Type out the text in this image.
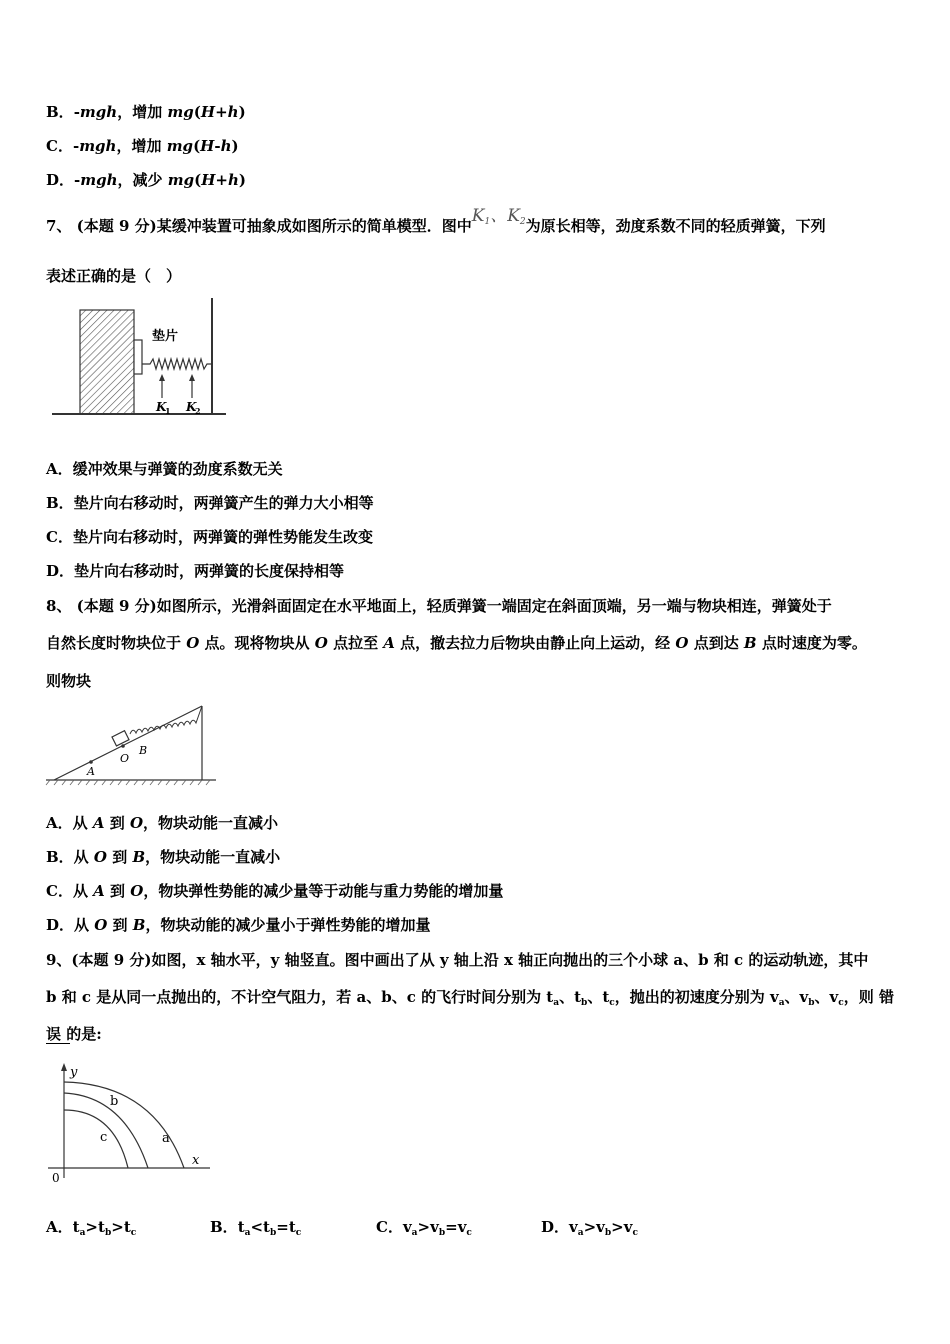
B．-mgh，增加 mg(H+h)
C．-mgh，增加 mg(H-h)
D．-mgh，减少 mg(H+h)
7、 (本题 9 分)某缓冲装置可抽象成如图所示的简单模型．图中$K_1$、$K_2$为原长相等，劲度系数不同的轻质弹簧，下列
表述正确的是（　）
垫片
K
1 K
2
A．缓冲效果与弹簧的劲度系数无关
B．垫片向右移动时，两弹簧产生的弹力大小相等
C．垫片向右移动时，两弹簧的弹性势能发生改变
D．垫片向右移动时，两弹簧的长度保持相等
8、 (本题 9 分)如图所示，光滑斜面固定在水平地面上，轻质弹簧一端固定在斜面顶端，另一端与物块相连，弹簧处于
自然长度时物块位于 O 点。现将物块从 O 点拉至 A 点，撤去拉力后物块由静止向上运动，经 O 点到达 B 点时速度为零。
则物块
A
O
B
A．从 A 到 O，物块动能一直减小
B．从 O 到 B，物块动能一直减小
C．从 A 到 O，物块弹性势能的减少量等于动能与重力势能的增加量
D．从 O 到 B，物块动能的减少量小于弹性势能的增加量
9、(本题 9 分)如图，x 轴水平，y 轴竖直。图中画出了从 y 轴上沿 x 轴正向抛出的三个小球 a、b 和 c 的运动轨迹，其中
b 和 c 是从同一点抛出的，不计空气阻力，若 a、b、c 的飞行时间分别为 $t_a$、$t_b$、$t_c$，抛出的初速度分别为 $v_a$、$v_b$、$v_c$，则 错
误 的是:
y
x
0
a
b
c
A．$t_a>t_b>t_c$	B．$t_a<t_b=t_c$	C．$v_a>v_b=v_c$	D．$v_a>v_b>v_c$
